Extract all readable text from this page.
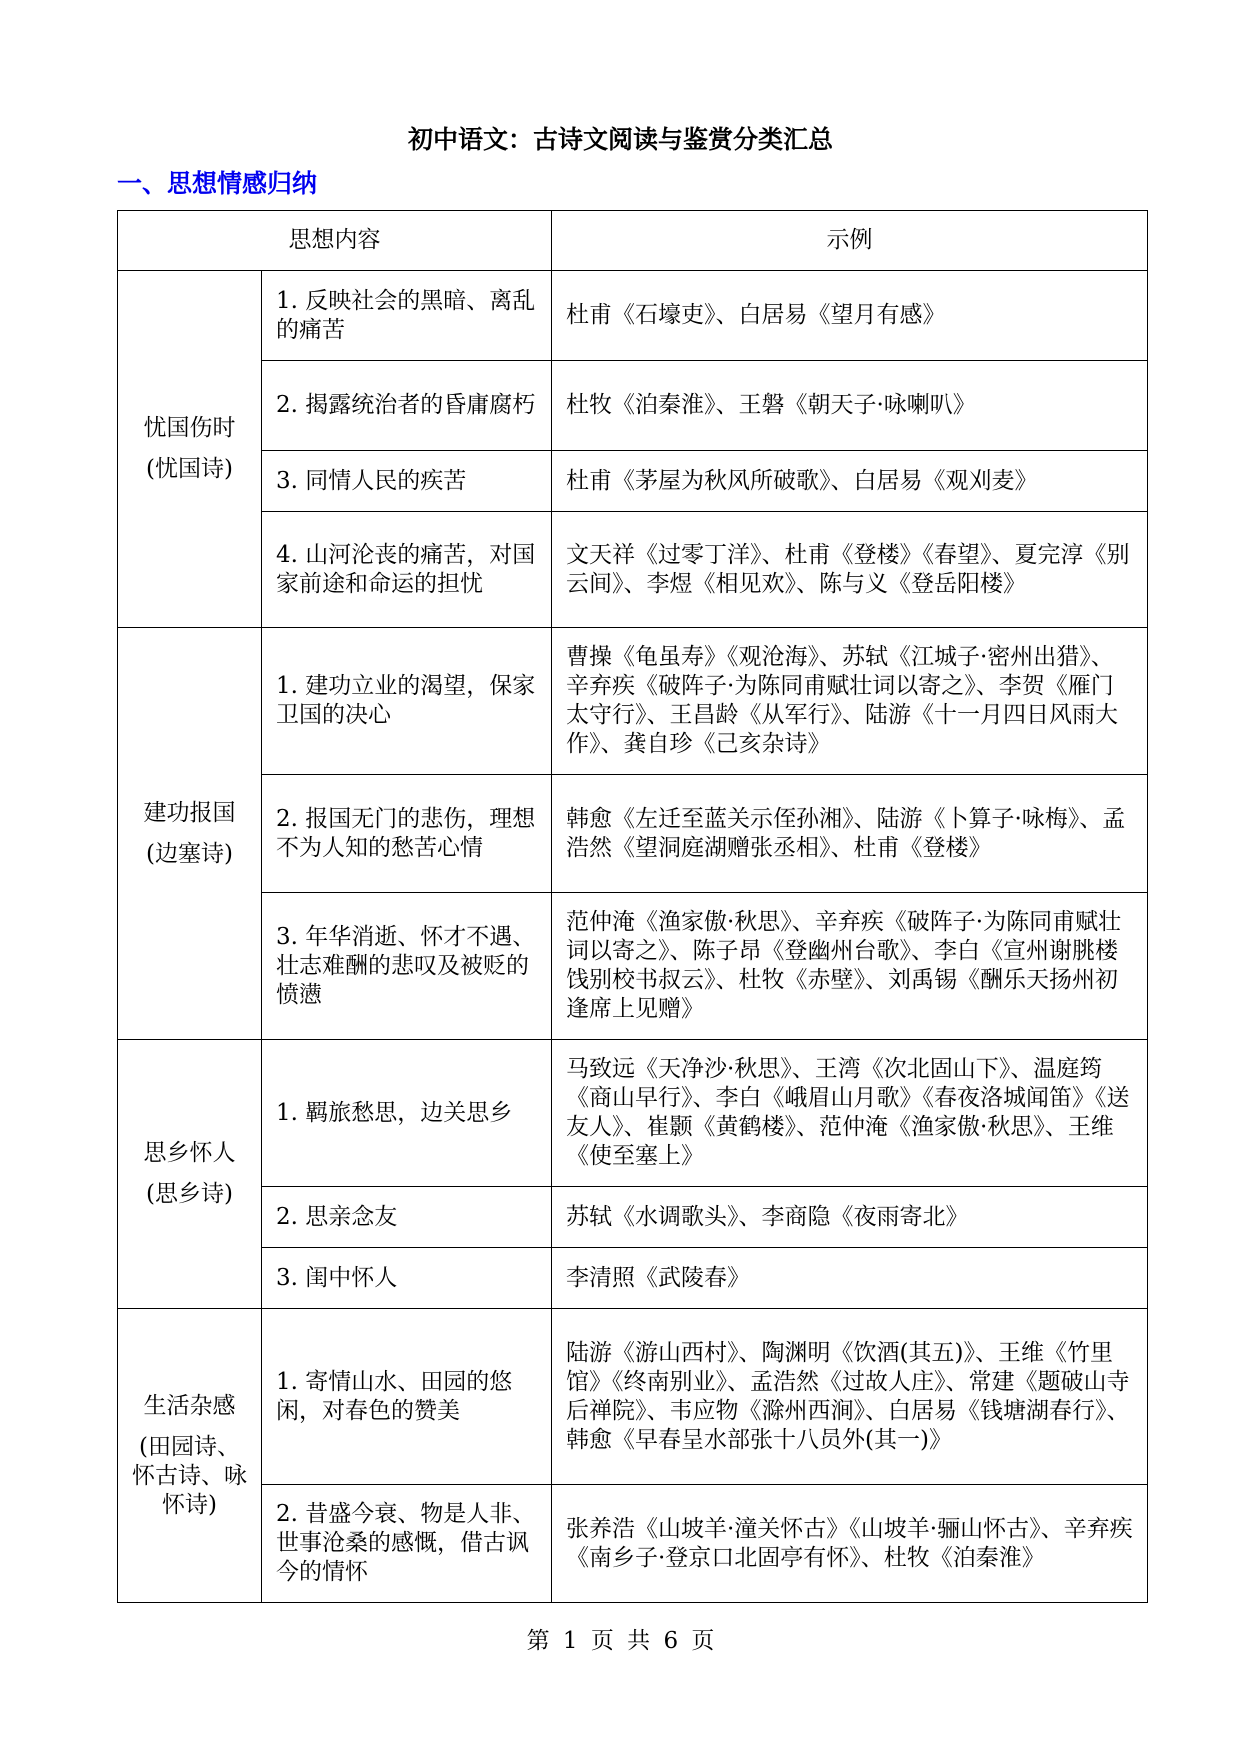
初中语文：古诗文阅读与鉴赏分类汇总
一、思想情感归纳
思想内容		示例

忧国伤时
(忧国诗)	1. 反映社会的黑暗、离乱的痛苦	杜甫《石壕吏》、白居易《望月有感》
	2. 揭露统治者的昏庸腐朽	杜牧《泊秦淮》、王磐《朝天子·咏喇叭》
	3. 同情人民的疾苦	杜甫《茅屋为秋风所破歌》、白居易《观刈麦》
	4. 山河沦丧的痛苦，对国家前途和命运的担忧	文天祥《过零丁洋》、杜甫《登楼》《春望》、夏完淳《别云间》、李煜《相见欢》、陈与义《登岳阳楼》

建功报国
(边塞诗)	1. 建功立业的渴望，保家卫国的决心	曹操《龟虽寿》《观沧海》、苏轼《江城子·密州出猎》、辛弃疾《破阵子·为陈同甫赋壮词以寄之》、李贺《雁门太守行》、王昌龄《从军行》、陆游《十一月四日风雨大作》、龚自珍《己亥杂诗》
	2. 报国无门的悲伤，理想不为人知的愁苦心情	韩愈《左迁至蓝关示侄孙湘》、陆游《卜算子·咏梅》、孟浩然《望洞庭湖赠张丞相》、杜甫《登楼》
	3. 年华消逝、怀才不遇、壮志难酬的悲叹及被贬的愤懑	范仲淹《渔家傲·秋思》、辛弃疾《破阵子·为陈同甫赋壮词以寄之》、陈子昂《登幽州台歌》、李白《宣州谢朓楼饯别校书叔云》、杜牧《赤壁》、刘禹锡《酬乐天扬州初逢席上见赠》

思乡怀人
(思乡诗)	1. 羁旅愁思，边关思乡	马致远《天净沙·秋思》、王湾《次北固山下》、温庭筠《商山早行》、李白《峨眉山月歌》《春夜洛城闻笛》《送友人》、崔颢《黄鹤楼》、范仲淹《渔家傲·秋思》、王维《使至塞上》
	2. 思亲念友	苏轼《水调歌头》、李商隐《夜雨寄北》
	3. 闺中怀人	李清照《武陵春》

生活杂感
(田园诗、怀古诗、咏怀诗)	1. 寄情山水、田园的悠闲，对春色的赞美	陆游《游山西村》、陶渊明《饮酒(其五)》、王维《竹里馆》《终南别业》、孟浩然《过故人庄》、常建《题破山寺后禅院》、韦应物《滁州西涧》、白居易《钱塘湖春行》、韩愈《早春呈水部张十八员外(其一)》
	2. 昔盛今衰、物是人非、世事沧桑的感慨，借古讽今的情怀	张养浩《山坡羊·潼关怀古》《山坡羊·骊山怀古》、辛弃疾《南乡子·登京口北固亭有怀》、杜牧《泊秦淮》
第 1 页 共 6 页
